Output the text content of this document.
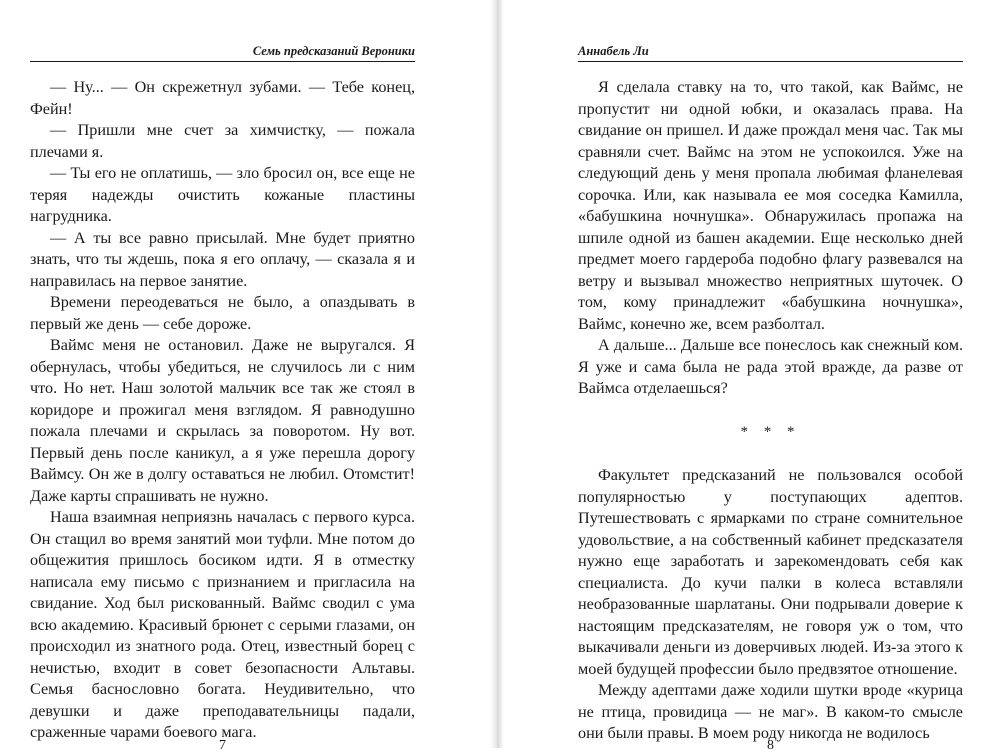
Семь предсказаний Вероники

— Ну... — Он скрежетнул зубами. — Тебе конец, Фейн!

— Пришли мне счет за химчистку, — пожала плечами я.

— Ты его не оплатишь, — зло бросил он, все еще не теряя надежды очистить кожаные пластины нагрудника.

— А ты все равно присылай. Мне будет приятно знать, что ты ждешь, пока я его оплачу, — сказала я и направилась на первое занятие.

Времени переодеваться не было, а опаздывать в первый же день — себе дороже.

Ваймс меня не остановил. Даже не выругался. Я обернулась, чтобы убедиться, не случилось ли с ним что. Но нет. Наш золотой мальчик все так же стоял в коридоре и прожигал меня взглядом. Я равнодушно пожала плечами и скрылась за поворотом. Ну вот. Первый день после каникул, а я уже перешла дорогу Ваймсу. Он же в долгу оставаться не любил. Отомстит! Даже карты спрашивать не нужно.

Наша взаимная неприязнь началась с первого курса. Он стащил во время занятий мои туфли. Мне потом до общежития пришлось босиком идти. Я в отместку написала ему письмо с признанием и пригласила на свидание. Ход был рискованный. Ваймс сводил с ума всю академию. Красивый брюнет с серыми глазами, он происходил из знатного рода. Отец, известный борец с нечистью, входит в совет безопасности Альтавы. Семья баснословно богата. Неудивительно, что девушки и даже преподавательницы падали, сраженные чарами боевого мага.

7
Аннабель Ли

Я сделала ставку на то, что такой, как Ваймс, не пропустит ни одной юбки, и оказалась права. На свидание он пришел. И даже прождал меня час. Так мы сравняли счет. Ваймс на этом не успокоился. Уже на следующий день у меня пропала любимая фланелевая сорочка. Или, как называла ее моя соседка Камилла, «бабушкина ночнушка». Обнаружилась пропажа на шпиле одной из башен академии. Еще несколько дней предмет моего гардероба подобно флагу развевался на ветру и вызывал множество неприятных шуточек. О том, кому принадлежит «бабушкина ночнушка», Ваймс, конечно же, всем разболтал.

А дальше... Дальше все понеслось как снежный ком. Я уже и сама была не рада этой вражде, да разве от Ваймса отделаешься?

* * *

Факультет предсказаний не пользовался особой популярностью у поступающих адептов. Путешествовать с ярмарками по стране сомнительное удовольствие, а на собственный кабинет предсказателя нужно еще заработать и зарекомендовать себя как специалиста. До кучи палки в колеса вставляли необразованные шарлатаны. Они подрывали доверие к настоящим предсказателям, не говоря уж о том, что выкачивали деньги из доверчивых людей. Из-за этого к моей будущей профессии было предвзятое отношение.

Между адептами даже ходили шутки вроде «курица не птица, провидица — не маг». В каком-то смысле они были правы. В моем роду никогда не водилось

8
